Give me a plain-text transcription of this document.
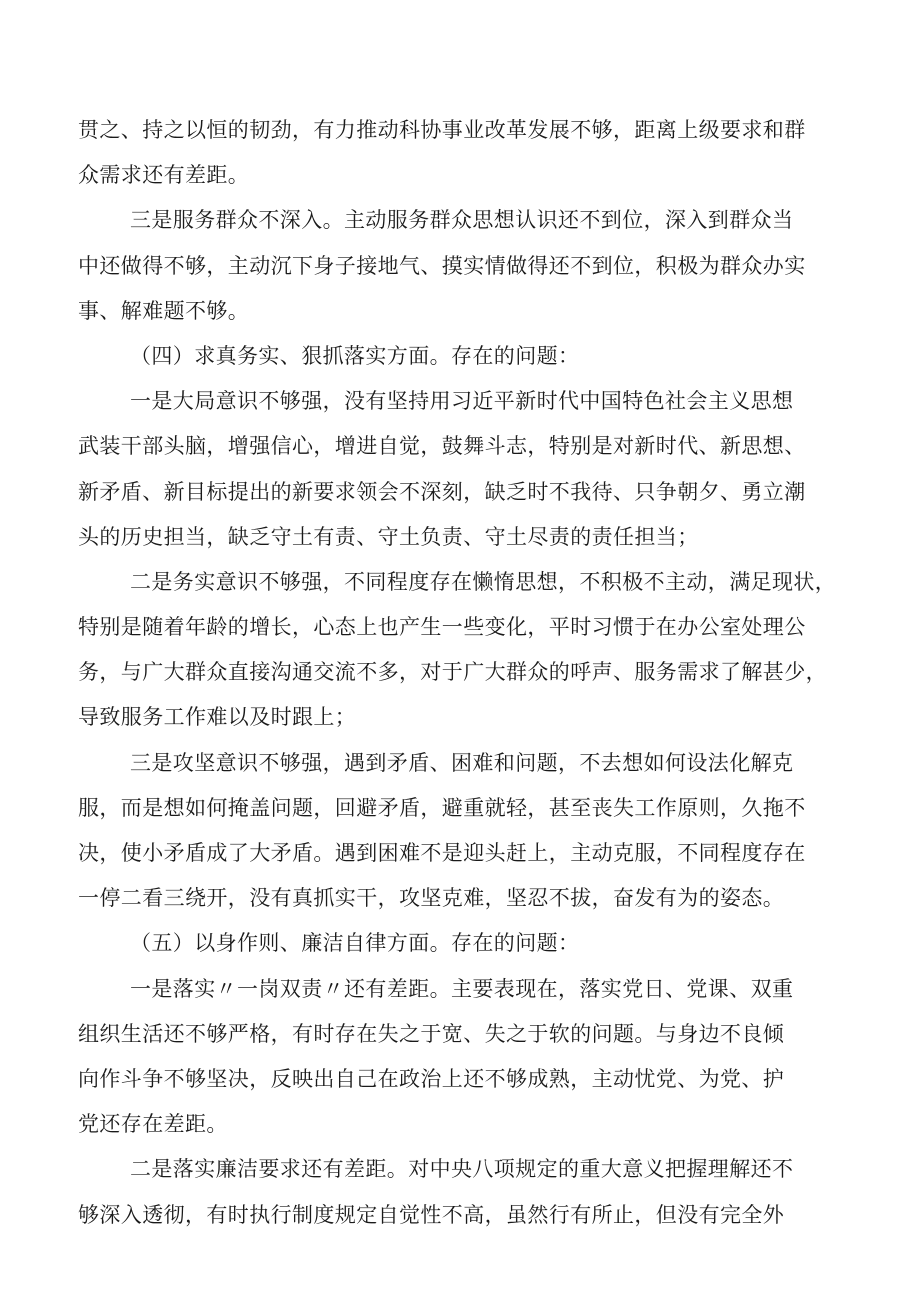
贯之、持之以恒的韧劲，有力推动科协事业改革发展不够，距离上级要求和群
众需求还有差距。
三是服务群众不深入。主动服务群众思想认识还不到位，深入到群众当
中还做得不够，主动沉下身子接地气、摸实情做得还不到位，积极为群众办实
事、解难题不够。
（四）求真务实、狠抓落实方面。存在的问题：
一是大局意识不够强，没有坚持用习近平新时代中国特色社会主义思想
武装干部头脑，增强信心，增进自觉，鼓舞斗志，特别是对新时代、新思想、
新矛盾、新目标提出的新要求领会不深刻，缺乏时不我待、只争朝夕、勇立潮
头的历史担当，缺乏守土有责、守土负责、守土尽责的责任担当；
二是务实意识不够强，不同程度存在懒惰思想，不积极不主动，满足现状，
特别是随着年龄的增长，心态上也产生一些变化，平时习惯于在办公室处理公
务，与广大群众直接沟通交流不多，对于广大群众的呼声、服务需求了解甚少，
导致服务工作难以及时跟上；
三是攻坚意识不够强，遇到矛盾、困难和问题，不去想如何设法化解克
服，而是想如何掩盖问题，回避矛盾，避重就轻，甚至丧失工作原则，久拖不
决，使小矛盾成了大矛盾。遇到困难不是迎头赶上，主动克服，不同程度存在
一停二看三绕开，没有真抓实干，攻坚克难，坚忍不拔，奋发有为的姿态。
（五）以身作则、廉洁自律方面。存在的问题：
一是落实〃一岗双责〃还有差距。主要表现在，落实党日、党课、双重
组织生活还不够严格，有时存在失之于宽、失之于软的问题。与身边不良倾
向作斗争不够坚决，反映出自己在政治上还不够成熟，主动忧党、为党、护
党还存在差距。
二是落实廉洁要求还有差距。对中央八项规定的重大意义把握理解还不
够深入透彻，有时执行制度规定自觉性不高，虽然行有所止，但没有完全外
